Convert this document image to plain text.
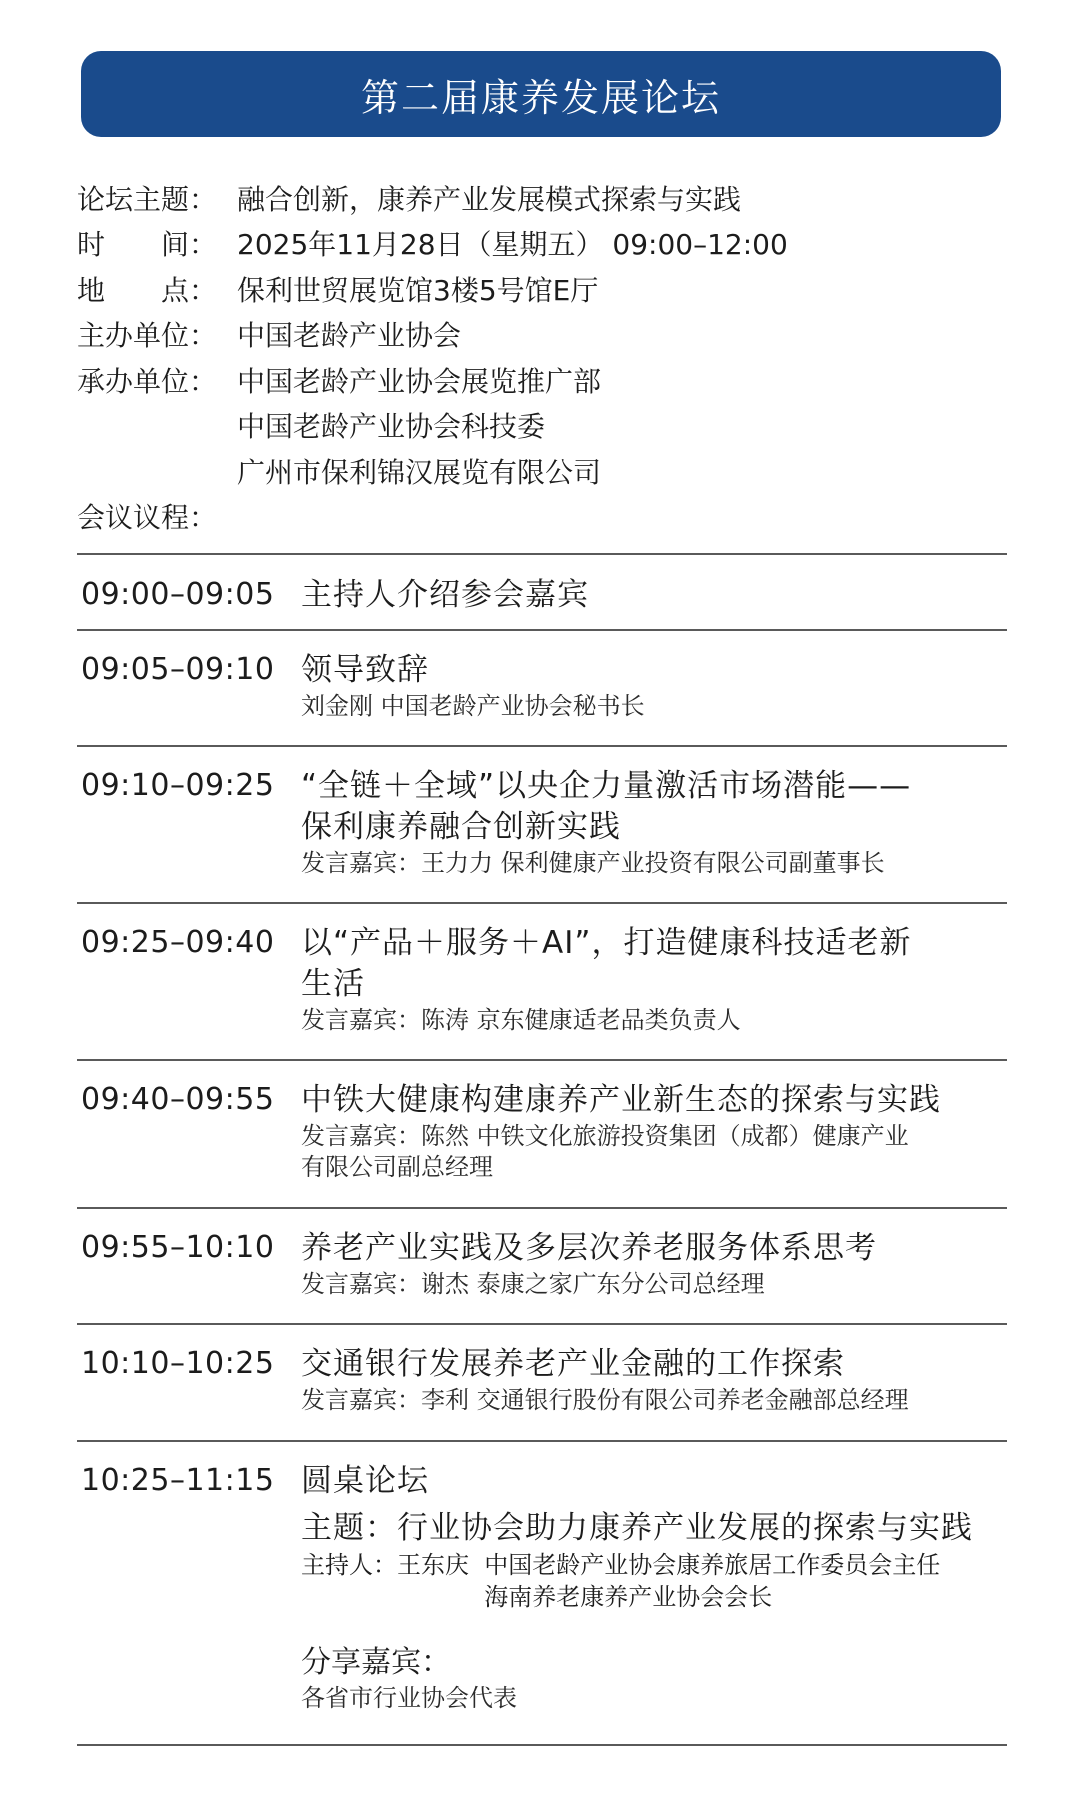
第二届康养发展论坛
论坛主题： 融合创新，康养产业发展模式探索与实践
时　　间： 2025年11月28日（星期五） 09:00–12:00
地　　点： 保利世贸展览馆3楼5号馆E厅
主办单位： 中国老龄产业协会
承办单位： 中国老龄产业协会展览推广部
中国老龄产业协会科技委
广州市保利锦汉展览有限公司
会议议程：
09:00–09:05 主持人介绍参会嘉宾
09:05–09:10 领导致辞
刘金刚 中国老龄产业协会秘书长
09:10–09:25 “全链＋全域”以央企力量激活市场潜能——
保利康养融合创新实践
发言嘉宾：王力力 保利健康产业投资有限公司副董事长
09:25–09:40 以“产品＋服务＋AI”，打造健康科技适老新
生活
发言嘉宾：陈涛 京东健康适老品类负责人
09:40–09:55 中铁大健康构建康养产业新生态的探索与实践
发言嘉宾：陈然 中铁文化旅游投资集团（成都）健康产业
有限公司副总经理
09:55–10:10 养老产业实践及多层次养老服务体系思考
发言嘉宾：谢杰 泰康之家广东分公司总经理
10:10–10:25 交通银行发展养老产业金融的工作探索
发言嘉宾：李利 交通银行股份有限公司养老金融部总经理
10:25–11:15 圆桌论坛
主题：行业协会助力康养产业发展的探索与实践
主持人：王东庆 中国老龄产业协会康养旅居工作委员会主任
海南养老康养产业协会会长
分享嘉宾：
各省市行业协会代表
